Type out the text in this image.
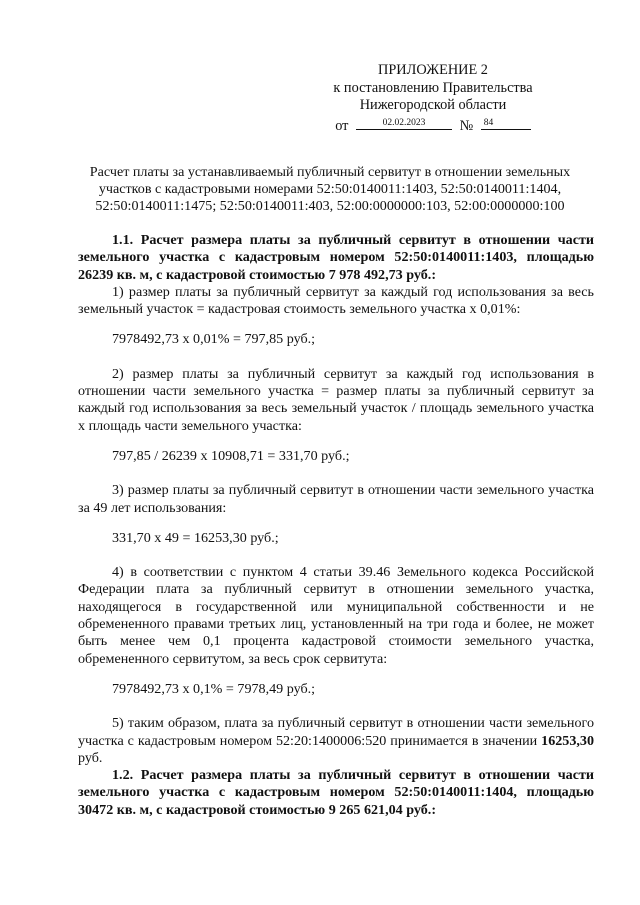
ПРИЛОЖЕНИЕ 2
к постановлению Правительства
Нижегородской области
от	02.02.2023	№	84
Расчет платы за устанавливаемый публичный сервитут в отношении земельных
участков с кадастровыми номерами 52:50:0140011:1403, 52:50:0140011:1404,
52:50:0140011:1475; 52:50:0140011:403, 52:00:0000000:103, 52:00:0000000:100

1.1. Расчет размера платы за публичный сервитут в отношении части земельного участка с кадастровым номером 52:50:0140011:1403, площадью 26239 кв. м, с кадастровой стоимостью 7 978 492,73 руб.:

1) размер платы за публичный сервитут за каждый год использования за весь земельный участок = кадастровая стоимость земельного участка х 0,01%:

7978492,73 х 0,01% = 797,85 руб.;

2) размер платы за публичный сервитут за каждый год использования в отношении части земельного участка = размер платы за публичный сервитут за каждый год использования за весь земельный участок / площадь земельного участка х площадь части земельного участка:

797,85 / 26239 х 10908,71 = 331,70 руб.;

3) размер платы за публичный сервитут в отношении части земельного участка за 49 лет использования:

331,70 х 49 = 16253,30 руб.;

4) в соответствии с пунктом 4 статьи 39.46 Земельного кодекса Российской Федерации плата за публичный сервитут в отношении земельного участка, находящегося в государственной или муниципальной собственности и не обремененного правами третьих лиц, установленный на три года и более, не может быть менее чем 0,1 процента кадастровой стоимости земельного участка, обремененного сервитутом, за весь срок сервитута:

7978492,73 х 0,1% = 7978,49 руб.;

5) таким образом, плата за публичный сервитут в отношении части земельного участка с кадастровым номером 52:20:1400006:520 принимается в значении 16253,30 руб.

1.2. Расчет размера платы за публичный сервитут в отношении части земельного участка с кадастровым номером 52:50:0140011:1404, площадью 30472 кв. м, с кадастровой стоимостью 9 265 621,04 руб.:
